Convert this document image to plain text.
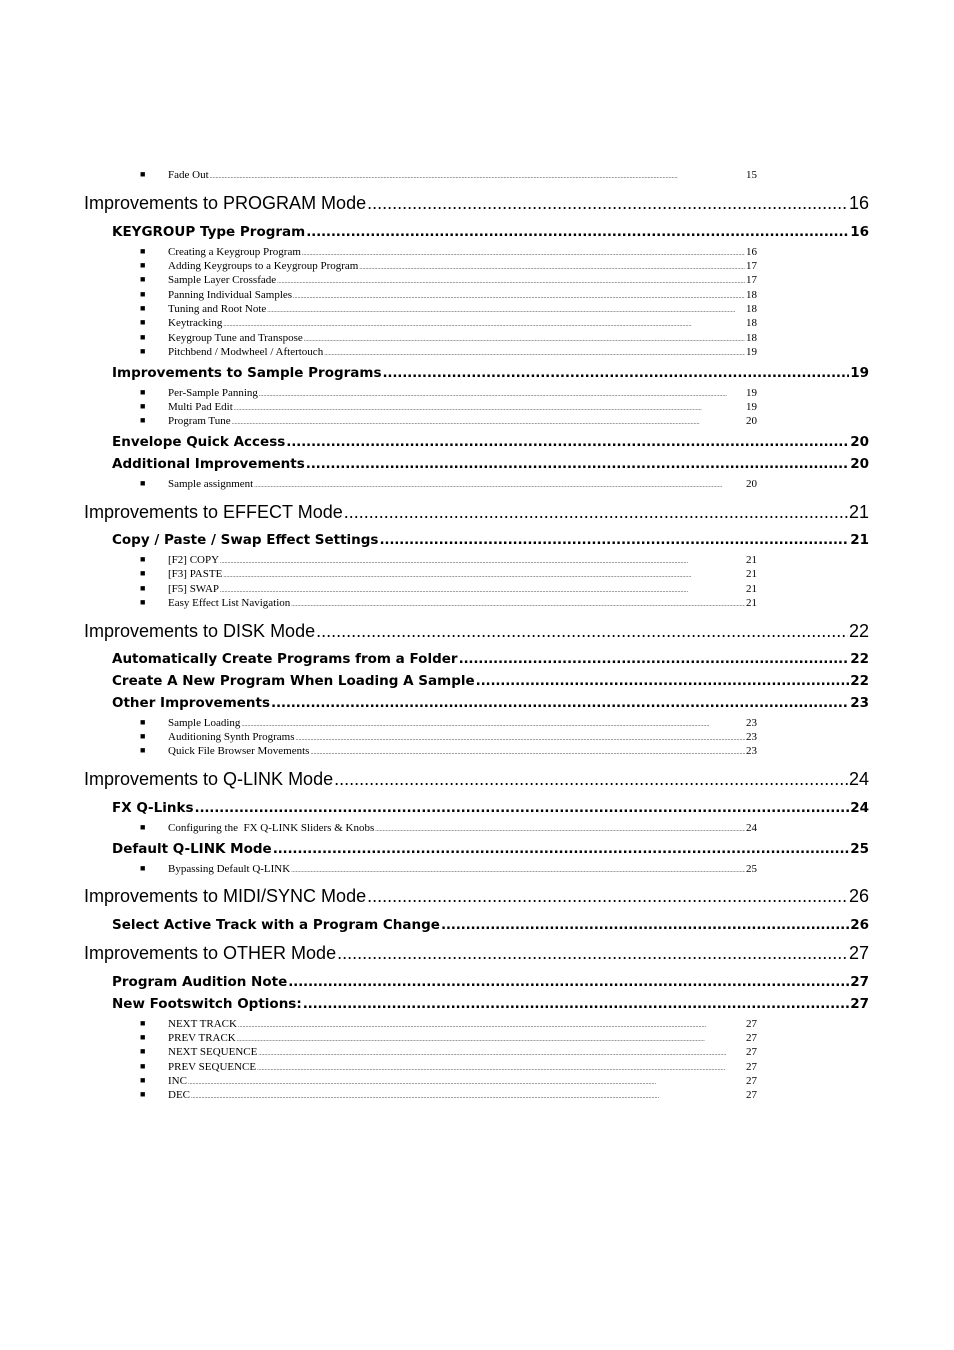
■	Fade Out .....	15
Improvements to PROGRAM Mode .....	16
KEYGROUP Type Program .....	16
■	Creating a Keygroup Program .....	16
■	Adding Keygroups to a Keygroup Program .....	17
■	Sample Layer Crossfade .....	17
■	Panning Individual Samples .....	18
■	Tuning and Root Note .....	18
■	Keytracking .....	18
■	Keygroup Tune and Transpose .....	18
■	Pitchbend / Modwheel / Aftertouch .....	19
Improvements to Sample Programs .....	19
■	Per-Sample Panning .....	19
■	Multi Pad Edit .....	19
■	Program Tune .....	20
Envelope Quick Access .....	20
Additional Improvements .....	20
■	Sample assignment .....	20
Improvements to EFFECT Mode .....	21
Copy / Paste / Swap Effect Settings .....	21
■	[F2] COPY .....	21
■	[F3] PASTE .....	21
■	[F5] SWAP .....	21
■	Easy Effect List Navigation .....	21
Improvements to DISK Mode .....	22
Automatically Create Programs from a Folder .....	22
Create A New Program When Loading A Sample .....	22
Other Improvements .....	23
■	Sample Loading .....	23
■	Auditioning Synth Programs .....	23
■	Quick File Browser Movements .....	23
Improvements to Q-LINK Mode .....	24
FX Q-Links .....	24
■	Configuring the  FX Q-LINK Sliders & Knobs .....	24
Default Q-LINK Mode .....	25
■	Bypassing Default Q-LINK .....	25
Improvements to MIDI/SYNC Mode .....	26
Select Active Track with a Program Change .....	26
Improvements to OTHER Mode .....	27
Program Audition Note .....	27
New Footswitch Options: .....	27
■	NEXT TRACK .....	27
■	PREV TRACK .....	27
■	NEXT SEQUENCE .....	27
■	PREV SEQUENCE .....	27
■	INC .....	27
■	DEC .....	27
